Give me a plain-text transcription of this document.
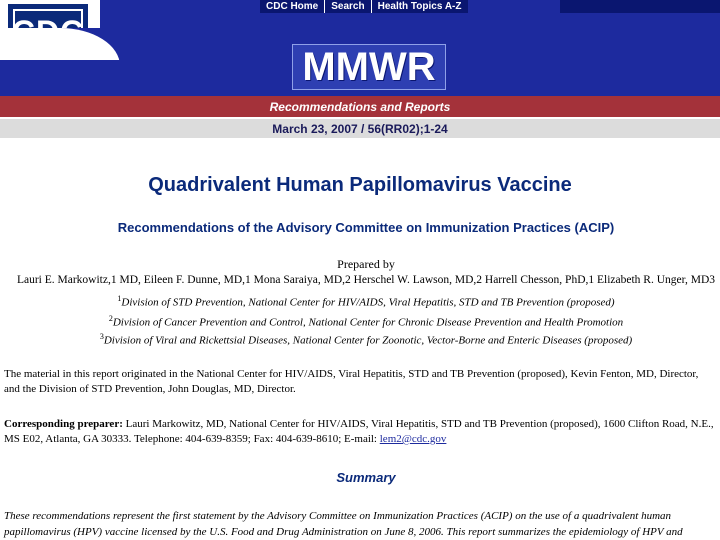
CDC Home	Search	Health Topics A-Z
MMWR
Recommendations and Reports
March 23, 2007 / 56(RR02);1-24
Quadrivalent Human Papillomavirus Vaccine
Recommendations of the Advisory Committee on Immunization Practices (ACIP)
Prepared by
Lauri E. Markowitz,1 MD, Eileen F. Dunne, MD,1 Mona Saraiya, MD,2 Herschel W. Lawson, MD,2 Harrell Chesson, PhD,1 Elizabeth R. Unger, MD3
$^1$Division of STD Prevention, National Center for HIV/AIDS, Viral Hepatitis, STD and TB Prevention (proposed)
$^2$Division of Cancer Prevention and Control, National Center for Chronic Disease Prevention and Health Promotion
$^3$Division of Viral and Rickettsial Diseases, National Center for Zoonotic, Vector-Borne and Enteric Diseases (proposed)
The material in this report originated in the National Center for HIV/AIDS, Viral Hepatitis, STD and TB Prevention (proposed), Kevin Fenton, MD, Director, and the Division of STD Prevention, John Douglas, MD, Director.
Corresponding preparer: Lauri Markowitz, MD, National Center for HIV/AIDS, Viral Hepatitis, STD and TB Prevention (proposed), 1600 Clifton Road, N.E., MS E02, Atlanta, GA 30333. Telephone: 404-639-8359; Fax: 404-639-8610; E-mail: lem2@cdc.gov
Summary
These recommendations represent the first statement by the Advisory Committee on Immunization Practices (ACIP) on the use of a quadrivalent human papillomavirus (HPV) vaccine licensed by the U.S. Food and Drug Administration on June 8, 2006. This report summarizes the epidemiology of HPV and
